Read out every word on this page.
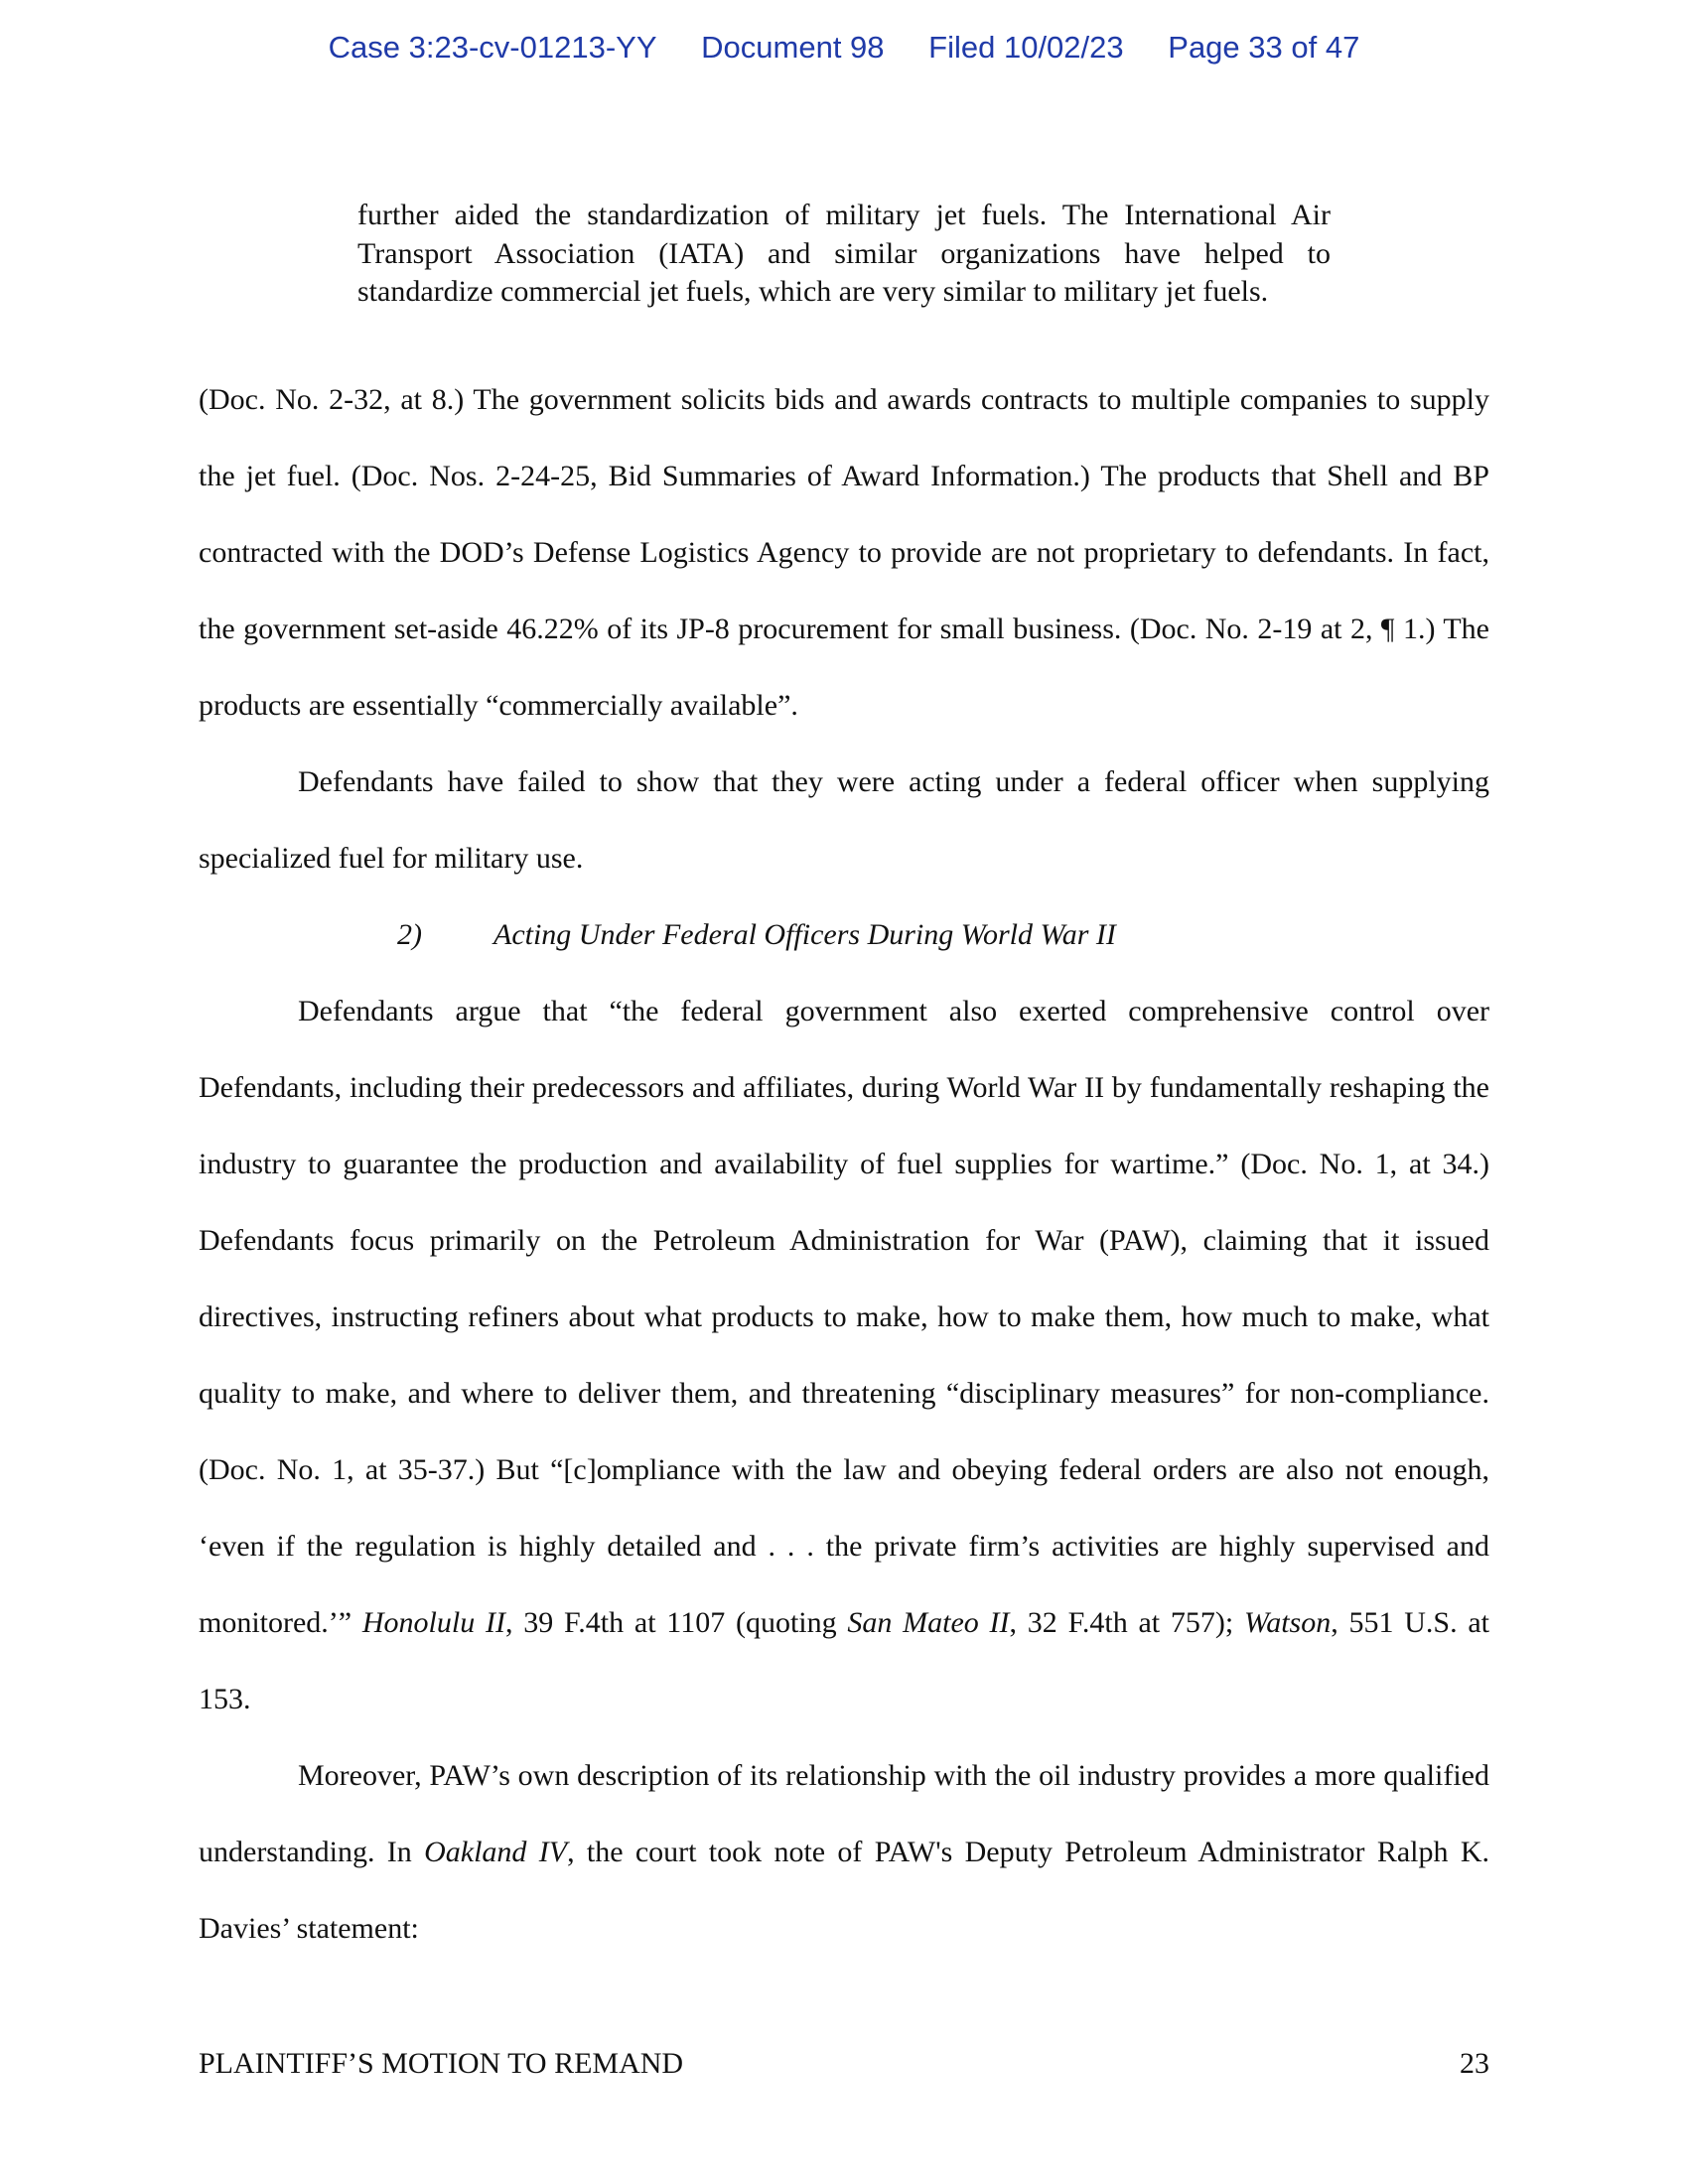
Case 3:23-cv-01213-YY Document 98 Filed 10/02/23 Page 33 of 47

further aided the standardization of military jet fuels. The International Air Transport Association (IATA) and similar organizations have helped to standardize commercial jet fuels, which are very similar to military jet fuels.

(Doc. No. 2-32, at 8.) The government solicits bids and awards contracts to multiple companies to supply the jet fuel. (Doc. Nos. 2-24-25, Bid Summaries of Award Information.) The products that Shell and BP contracted with the DOD’s Defense Logistics Agency to provide are not proprietary to defendants. In fact, the government set-aside 46.22% of its JP-8 procurement for small business. (Doc. No. 2-19 at 2, ¶ 1.) The products are essentially “commercially available”.

Defendants have failed to show that they were acting under a federal officer when supplying specialized fuel for military use.

2) Acting Under Federal Officers During World War II

Defendants argue that “the federal government also exerted comprehensive control over Defendants, including their predecessors and affiliates, during World War II by fundamentally reshaping the industry to guarantee the production and availability of fuel supplies for wartime.” (Doc. No. 1, at 34.) Defendants focus primarily on the Petroleum Administration for War (PAW), claiming that it issued directives, instructing refiners about what products to make, how to make them, how much to make, what quality to make, and where to deliver them, and threatening “disciplinary measures” for non-compliance. (Doc. No. 1, at 35-37.) But “[c]ompliance with the law and obeying federal orders are also not enough, ‘even if the regulation is highly detailed and . . . the private firm’s activities are highly supervised and monitored.’” Honolulu II, 39 F.4th at 1107 (quoting San Mateo II, 32 F.4th at 757); Watson, 551 U.S. at 153.

Moreover, PAW’s own description of its relationship with the oil industry provides a more qualified understanding. In Oakland IV, the court took note of PAW's Deputy Petroleum Administrator Ralph K. Davies’ statement:

PLAINTIFF’S MOTION TO REMAND	23
